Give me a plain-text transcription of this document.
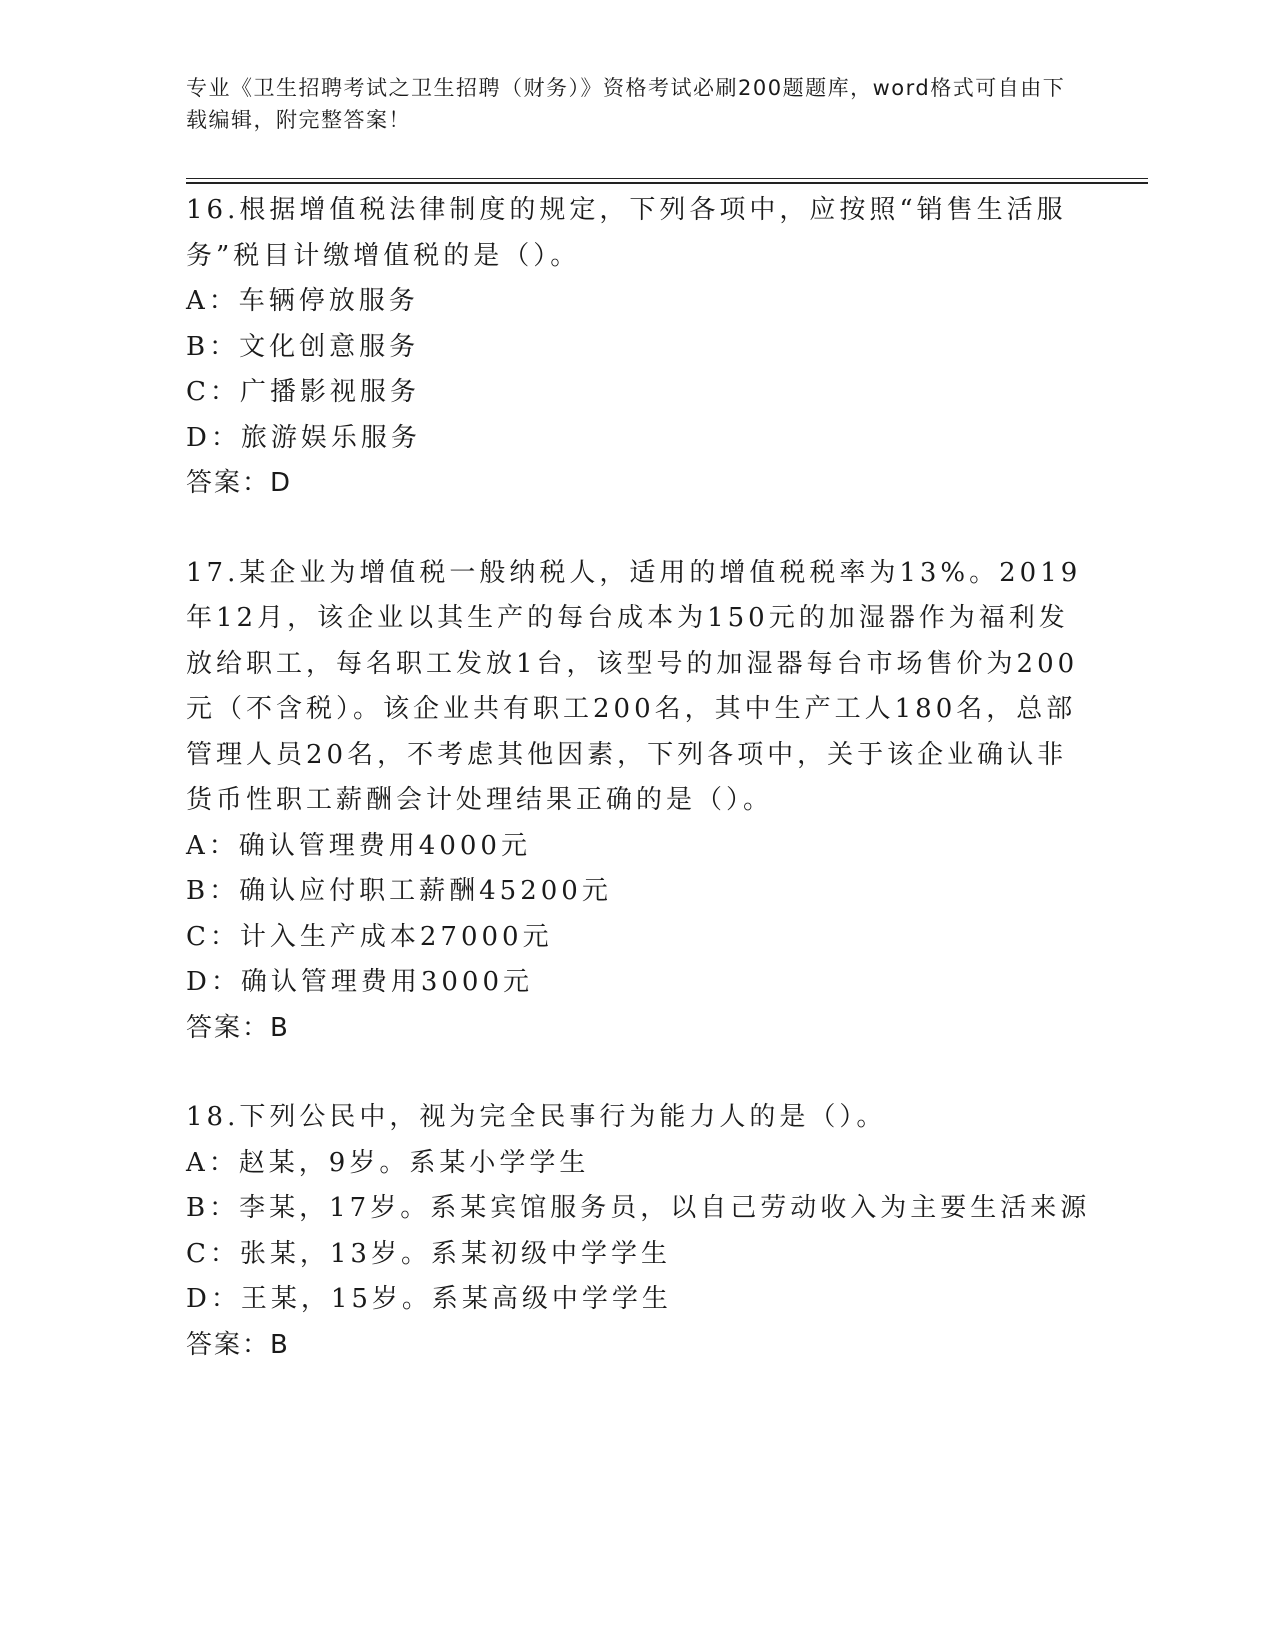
专业《卫生招聘考试之卫生招聘（财务）》资格考试必刷200题题库，word格式可自由下载编辑，附完整答案！

16.根据增值税法律制度的规定，下列各项中，应按照“销售生活服务”税目计缴增值税的是（）。

A：车辆停放服务

B：文化创意服务

C：广播影视服务

D：旅游娱乐服务

答案：D

17.某企业为增值税一般纳税人，适用的增值税税率为13%。2019年12月，该企业以其生产的每台成本为150元的加湿器作为福利发放给职工，每名职工发放1台，该型号的加湿器每台市场售价为200元（不含税）。该企业共有职工200名，其中生产工人180名，总部管理人员20名，不考虑其他因素，下列各项中，关于该企业确认非货币性职工薪酬会计处理结果正确的是（）。

A：确认管理费用4000元

B：确认应付职工薪酬45200元

C：计入生产成本27000元

D：确认管理费用3000元

答案：B

18.下列公民中，视为完全民事行为能力人的是（）。

A：赵某，9岁。系某小学学生

B：李某，17岁。系某宾馆服务员，以自己劳动收入为主要生活来源

C：张某，13岁。系某初级中学学生

D：王某，15岁。系某高级中学学生

答案：B
